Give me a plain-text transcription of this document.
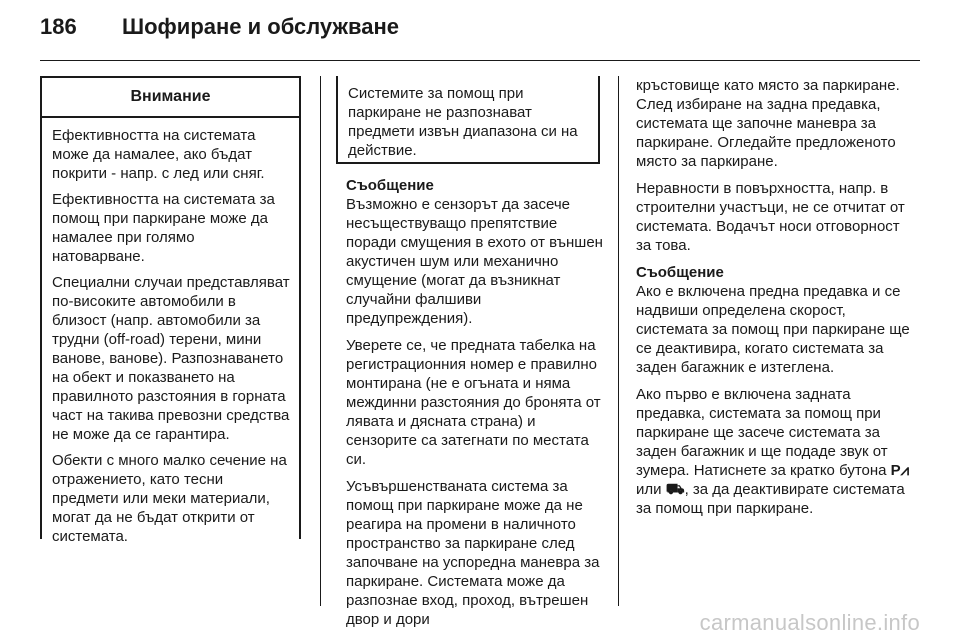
186	Шофиране и обслужване
Внимание

Ефективността на системата може да намалее, ако бъдат покрити - напр. с лед или сняг.

Ефективността на системата за помощ при паркиране може да намалее при голямо натоварване.

Специални случаи представляват по-високите автомобили в близост (напр. автомобили за трудни (off-road) терени, мини ванове, ванове). Разпознаването на обект и показването на правилното разстояния в горната част на такива превозни средства не може да се гарантира.

Обекти с много малко сечение на отражението, като тесни предмети или меки материали, могат да не бъдат открити от системата.

Системите за помощ при паркиране не разпознават предмети извън диапазона си на действие.

Съобщение
Възможно е сензорът да засече несъществуващо препятствие поради смущения в ехото от външен акустичен шум или механично смущение (могат да възникнат случайни фалшиви предупреждения).

Уверете се, че предната табелка на регистрационния номер е правилно монтирана (не е огъната и няма междинни разстояния до бронята от лявата и дясната страна) и сензорите са затегнати по местата си.

Усъвършенстваната система за помощ при паркиране може да не реагира на промени в наличното пространство за паркиране след започване на успоредна маневра за паркиране. Системата може да разпознае вход, проход, вътрешен двор и дори

кръстовище като място за паркиране. След избиране на задна предавка, системата ще започне маневра за паркиране. Огледайте предложеното място за паркиране.

Неравности в повърхността, напр. в строителни участъци, не се отчитат от системата. Водачът носи отговорност за това.

Съобщение
Ако е включена предна предавка и се надвиши определена скорост, системата за помощ при паркиране ще се деактивира, когато системата за заден багажник е изтеглена.

Ако първо е включена задната предавка, системата за помощ при паркиране ще засече системата за заден багажник и ще подаде звук от зумера. Натиснете за кратко бутона P⩘ или ⛟, за да деактивирате системата за помощ при паркиране.

carmanualsonline.info
